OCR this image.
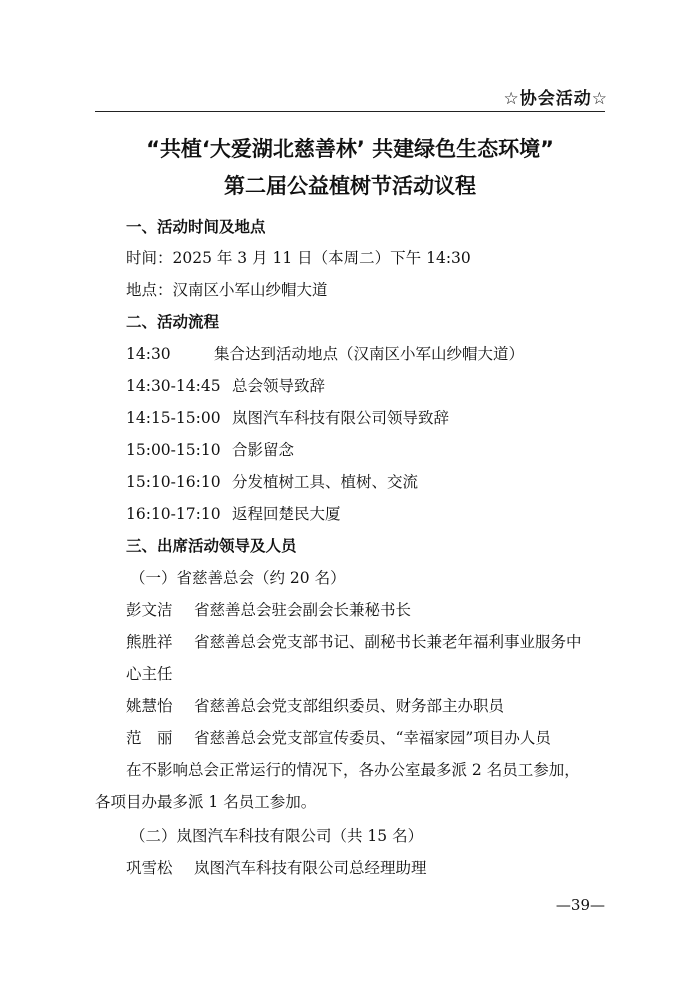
☆协会活动☆
“共植‘大爱湖北慈善林’ 共建绿色生态环境”
第二届公益植树节活动议程
一、活动时间及地点
时间：2025 年 3 月 11 日（本周二）下午 14:30
地点：汉南区小军山纱帽大道
二、活动流程
14:30	集合达到活动地点（汉南区小军山纱帽大道）
14:30-14:45 总会领导致辞
14:15-15:00 岚图汽车科技有限公司领导致辞
15:00-15:10 合影留念
15:10-16:10 分发植树工具、植树、交流
16:10-17:10 返程回楚民大厦
三、出席活动领导及人员
（一）省慈善总会（约 20 名）
彭文洁 省慈善总会驻会副会长兼秘书长
熊胜祥 省慈善总会党支部书记、副秘书长兼老年福利事业服务中
心主任
姚慧怡 省慈善总会党支部组织委员、财务部主办职员
范　丽 省慈善总会党支部宣传委员、“幸福家园”项目办人员
在不影响总会正常运行的情况下，各办公室最多派 2 名员工参加，
各项目办最多派 1 名员工参加。
（二）岚图汽车科技有限公司（共 15 名）
巩雪松 岚图汽车科技有限公司总经理助理
—39—
